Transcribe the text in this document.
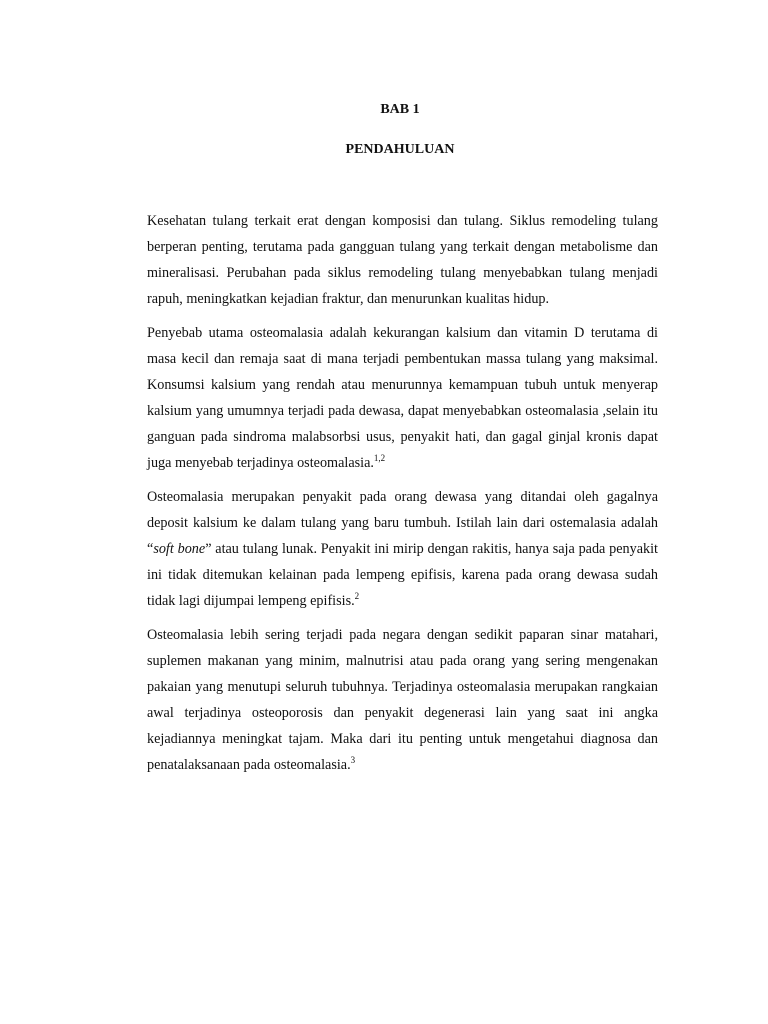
BAB 1
PENDAHULUAN

Kesehatan tulang terkait erat dengan komposisi dan tulang. Siklus remodeling tulang berperan penting, terutama pada gangguan tulang yang terkait dengan metabolisme dan mineralisasi. Perubahan pada siklus remodeling tulang menyebabkan tulang menjadi rapuh, meningkatkan kejadian fraktur, dan menurunkan kualitas hidup.

Penyebab utama osteomalasia adalah kekurangan kalsium dan vitamin D terutama di masa kecil dan remaja saat di mana terjadi pembentukan massa tulang yang maksimal. Konsumsi kalsium yang rendah atau menurunnya kemampuan tubuh untuk menyerap kalsium yang umumnya terjadi pada dewasa, dapat menyebabkan osteomalasia ,selain itu ganguan pada sindroma malabsorbsi usus, penyakit hati, dan gagal ginjal kronis dapat juga menyebab terjadinya osteomalasia.$^{1,2}$

Osteomalasia merupakan penyakit pada orang dewasa yang ditandai oleh gagalnya deposit kalsium ke dalam tulang yang baru tumbuh. Istilah lain dari ostemalasia adalah “soft bone” atau tulang lunak. Penyakit ini mirip dengan rakitis, hanya saja pada penyakit ini tidak ditemukan kelainan pada lempeng epifisis, karena pada orang dewasa sudah tidak lagi dijumpai lempeng epifisis.$^2$

Osteomalasia lebih sering terjadi pada negara dengan sedikit paparan sinar matahari, suplemen makanan yang minim, malnutrisi atau pada orang yang sering mengenakan pakaian yang menutupi seluruh tubuhnya. Terjadinya osteomalasia merupakan rangkaian awal terjadinya osteoporosis dan penyakit degenerasi lain yang saat ini angka kejadiannya meningkat tajam. Maka dari itu penting untuk mengetahui diagnosa dan penatalaksanaan pada osteomalasia.$^3$
